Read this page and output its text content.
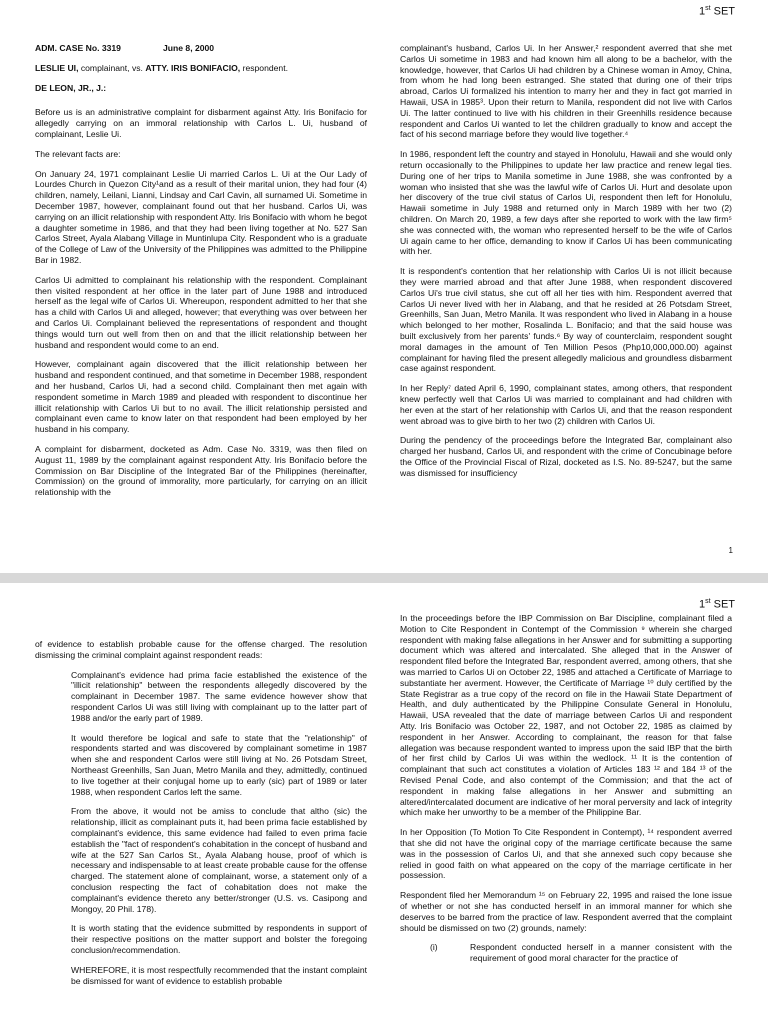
1st SET

ADM. CASE No. 3319	June 8, 2000

LESLIE UI, complainant, vs. ATTY. IRIS BONIFACIO, respondent.

DE LEON, JR., J.:

Before us is an administrative complaint for disbarment against Atty. Iris Bonifacio for allegedly carrying on an immoral relationship with Carlos L. Ui, husband of complainant, Leslie Ui.

The relevant facts are:

On January 24, 1971 complainant Leslie Ui married Carlos L. Ui at the Our Lady of Lourdes Church in Quezon City¹and as a result of their marital union, they had four (4) children, namely, Leilani, Lianni, Lindsay and Carl Cavin, all surnamed Ui. Sometime in December 1987, however, complainant found out that her husband. Carlos Ui, was carrying on an illicit relationship with respondent Atty. Iris Bonifacio with whom he begot a daughter sometime in 1986, and that they had been living together at No. 527 San Carlos Street, Ayala Alabang Village in Muntinlupa City. Respondent who is a graduate of the College of Law of the University of the Philippines was admitted to the Philippine Bar in 1982.

Carlos Ui admitted to complainant his relationship with the respondent. Complainant then visited respondent at her office in the later part of June 1988 and introduced herself as the legal wife of Carlos Ui. Whereupon, respondent admitted to her that she has a child with Carlos Ui and alleged, however; that everything was over between her and Carlos Ui. Complainant believed the representations of respondent and thought things would turn out well from then on and that the illicit relationship between her husband and respondent would come to an end.

However, complainant again discovered that the illicit relationship between her husband and respondent continued, and that sometime in December 1988, respondent and her husband, Carlos Ui, had a second child. Complainant then met again with respondent sometime in March 1989 and pleaded with respondent to discontinue her illicit relationship with Carlos Ui but to no avail. The illicit relationship persisted and complainant even came to know later on that respondent had been employed by her husband in his company.

A complaint for disbarment, docketed as Adm. Case No. 3319, was then filed on August 11, 1989 by the complainant against respondent Atty. Iris Bonifacio before the Commission on Bar Discipline of the Integrated Bar of the Philippines (hereinafter, Commission) on the ground of immorality, more particularly, for carrying on an illicit relationship with the

complainant's husband, Carlos Ui. In her Answer,² respondent averred that she met Carlos Ui sometime in 1983 and had known him all along to be a bachelor, with the knowledge, however, that Carlos Ui had children by a Chinese woman in Amoy, China, from whom he had long been estranged. She stated that during one of their trips abroad, Carlos Ui formalized his intention to marry her and they in fact got married in Hawaii, USA in 1985³. Upon their return to Manila, respondent did not live with Carlos Ui. The latter continued to live with his children in their Greenhills residence because respondent and Carlos Ui wanted to let the children gradually to know and accept the fact of his second marriage before they would live together.⁴

In 1986, respondent left the country and stayed in Honolulu, Hawaii and she would only return occasionally to the Philippines to update her law practice and renew legal ties. During one of her trips to Manila sometime in June 1988, she was confronted by a woman who insisted that she was the lawful wife of Carlos Ui. Hurt and desolate upon her discovery of the true civil status of Carlos Ui, respondent then left for Honolulu, Hawaii sometime in July 1988 and returned only in March 1989 with her two (2) children. On March 20, 1989, a few days after she reported to work with the law firm⁵ she was connected with, the woman who represented herself to be the wife of Carlos Ui again came to her office, demanding to know if Carlos Ui has been communicating with her.

It is respondent's contention that her relationship with Carlos Ui is not illicit because they were married abroad and that after June 1988, when respondent discovered Carlos Ui's true civil status, she cut off all her ties with him. Respondent averred that Carlos Ui never lived with her in Alabang, and that he resided at 26 Potsdam Street, Greenhills, San Juan, Metro Manila. It was respondent who lived in Alabang in a house which belonged to her mother, Rosalinda L. Bonifacio; and that the said house was built exclusively from her parents' funds.⁶ By way of counterclaim, respondent sought moral damages in the amount of Ten Million Pesos (Php10,000,000.00) against complainant for having filed the present allegedly malicious and groundless disbarment case against respondent.

In her Reply⁷ dated April 6, 1990, complainant states, among others, that respondent knew perfectly well that Carlos Ui was married to complainant and had children with her even at the start of her relationship with Carlos Ui, and that the reason respondent went abroad was to give birth to her two (2) children with Carlos Ui.

During the pendency of the proceedings before the Integrated Bar, complainant also charged her husband, Carlos Ui, and respondent with the crime of Concubinage before the Office of the Provincial Fiscal of Rizal, docketed as I.S. No. 89-5247, but the same was dismissed for insufficiency

1
1st SET

of evidence to establish probable cause for the offense charged. The resolution dismissing the criminal complaint against respondent reads:

Complainant's evidence had prima facie established the existence of the "illicit relationship" between the respondents allegedly discovered by the complainant in December 1987. The same evidence however show that respondent Carlos Ui was still living with complainant up to the latter part of 1988 and/or the early part of 1989.

It would therefore be logical and safe to state that the "relationship" of respondents started and was discovered by complainant sometime in 1987 when she and respondent Carlos were still living at No. 26 Potsdam Street, Northeast Greenhills, San Juan, Metro Manila and they, admittedly, continued to live together at their conjugal home up to early (sic) part of 1989 or later 1988, when respondent Carlos left the same.

From the above, it would not be amiss to conclude that altho (sic) the relationship, illicit as complainant puts it, had been prima facie established by complainant's evidence, this same evidence had failed to even prima facie establish the "fact of respondent's cohabitation in the concept of husband and wife at the 527 San Carlos St., Ayala Alabang house, proof of which is necessary and indispensable to at least create probable cause for the offense charged. The statement alone of complainant, worse, a statement only of a conclusion respecting the fact of cohabitation does not make the complainant's evidence thereto any better/stronger (U.S. vs. Casipong and Mongoy, 20 Phil. 178).

It is worth stating that the evidence submitted by respondents in support of their respective positions on the matter support and bolster the foregoing conclusion/recommendation.

WHEREFORE, it is most respectfully recommended that the instant complaint be dismissed for want of evidence to establish probable

In the proceedings before the IBP Commission on Bar Discipline, complainant filed a Motion to Cite Respondent in Contempt of the Commission ⁹ wherein she charged respondent with making false allegations in her Answer and for submitting a supporting document which was altered and intercalated. She alleged that in the Answer of respondent filed before the Integrated Bar, respondent averred, among others, that she was married to Carlos Ui on October 22, 1985 and attached a Certificate of Marriage to substantiate her averment. However, the Certificate of Marriage ¹⁰ duly certified by the State Registrar as a true copy of the record on file in the Hawaii State Department of Health, and duly authenticated by the Philippine Consulate General in Honolulu, Hawaii, USA revealed that the date of marriage between Carlos Ui and respondent Atty. Iris Bonifacio was October 22, 1987, and not October 22, 1985 as claimed by respondent in her Answer. According to complainant, the reason for that false allegation was because respondent wanted to impress upon the said IBP that the birth of her first child by Carlos Ui was within the wedlock. ¹¹ It is the contention of complainant that such act constitutes a violation of Articles 183 ¹² and 184 ¹³ of the Revised Penal Code, and also contempt of the Commission; and that the act of respondent in making false allegations in her Answer and submitting an altered/intercalated document are indicative of her moral perversity and lack of integrity which make her unworthy to be a member of the Philippine Bar.

In her Opposition (To Motion To Cite Respondent in Contempt), ¹⁴ respondent averred that she did not have the original copy of the marriage certificate because the same was in the possession of Carlos Ui, and that she annexed such copy because she relied in good faith on what appeared on the copy of the marriage certificate in her possession.

Respondent filed her Memorandum ¹⁵ on February 22, 1995 and raised the lone issue of whether or not she has conducted herself in an immoral manner for which she deserves to be barred from the practice of law. Respondent averred that the complaint should be dismissed on two (2) grounds, namely:

(i)	Respondent conducted herself in a manner consistent with the requirement of good moral character for the practice of
